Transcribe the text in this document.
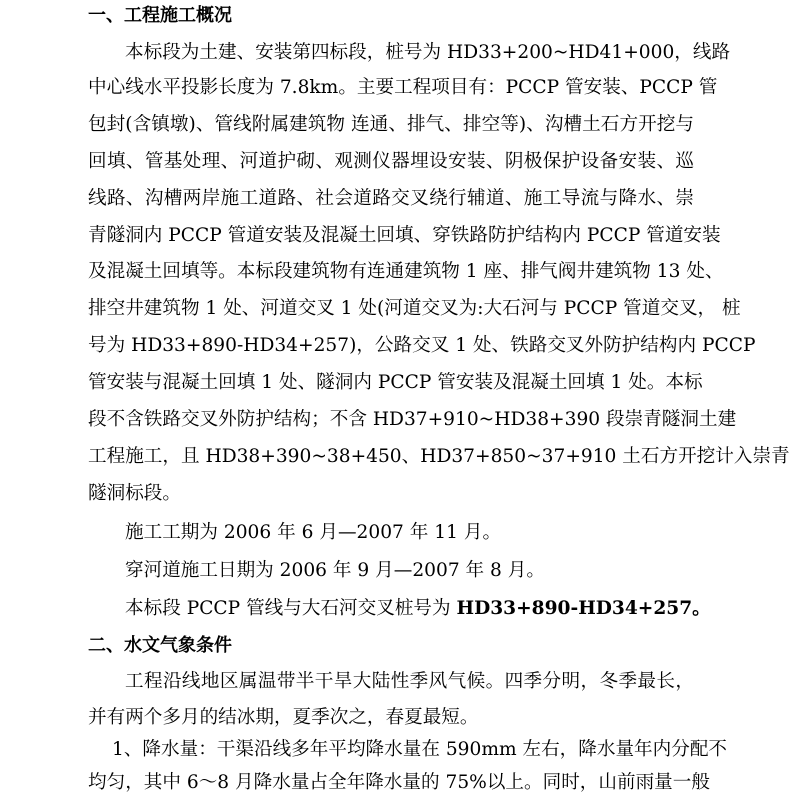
一、工程施工概况
本标段为土建、安装第四标段，桩号为 HD33+200~HD41+000，线路
中心线水平投影长度为 7.8km。主要工程项目有：PCCP 管安装、PCCP 管
包封(含镇墩)、管线附属建筑物 连通、排气、排空等)、沟槽土石方开挖与
回填、管基处理、河道护砌、观测仪器埋设安装、阴极保护设备安装、巡
线路、沟槽两岸施工道路、社会道路交叉绕行辅道、施工导流与降水、崇
青隧洞内 PCCP 管道安装及混凝土回填、穿铁路防护结构内 PCCP 管道安装
及混凝土回填等。本标段建筑物有连通建筑物 1 座、排气阀井建筑物 13 处、
排空井建筑物 1 处、河道交叉 1 处(河道交叉为:大石河与 PCCP 管道交叉， 桩
号为 HD33+890-HD34+257)，公路交叉 1 处、铁路交叉外防护结构内 PCCP
管安装与混凝土回填 1 处、隧洞内 PCCP 管安装及混凝土回填 1 处。本标
段不含铁路交叉外防护结构；不含 HD37+910~HD38+390 段崇青隧洞土建
工程施工，且 HD38+390~38+450、HD37+850~37+910 土石方开挖计入崇青
隧洞标段。
施工工期为 2006 年 6 月—2007 年 11 月。
穿河道施工日期为 2006 年 9 月—2007 年 8 月。
本标段 PCCP 管线与大石河交叉桩号为 HD33+890-HD34+257。
二、水文气象条件
工程沿线地区属温带半干旱大陆性季风气候。四季分明，冬季最长，
并有两个多月的结冰期，夏季次之，春夏最短。
1、降水量：干渠沿线多年平均降水量在 590mm 左右，降水量年内分配不
均匀，其中 6～8 月降水量占全年降水量的 75%以上。同时，山前雨量一般
